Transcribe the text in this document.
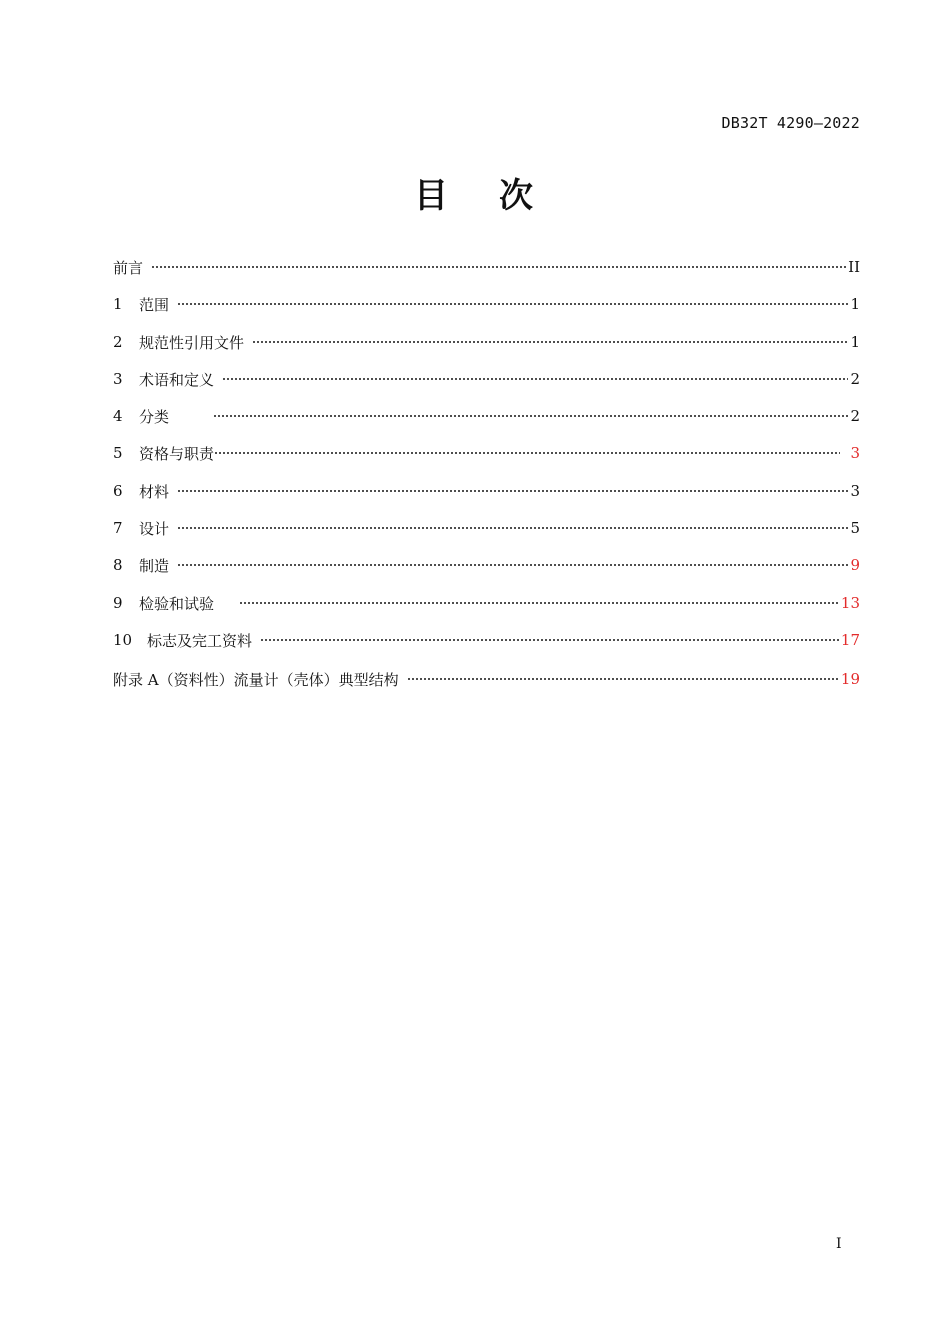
DB32T 4290—2022
目 次
前言	II
1	范围	1
2	规范性引用文件	1
3	术语和定义	2
4	分类	2
5	资格与职责	3
6	材料	3
7	设计	5
8	制造	9
9	检验和试验	13
10 标志及完工资料	17
附录 A（资料性）流量计（壳体）典型结构	19
I
